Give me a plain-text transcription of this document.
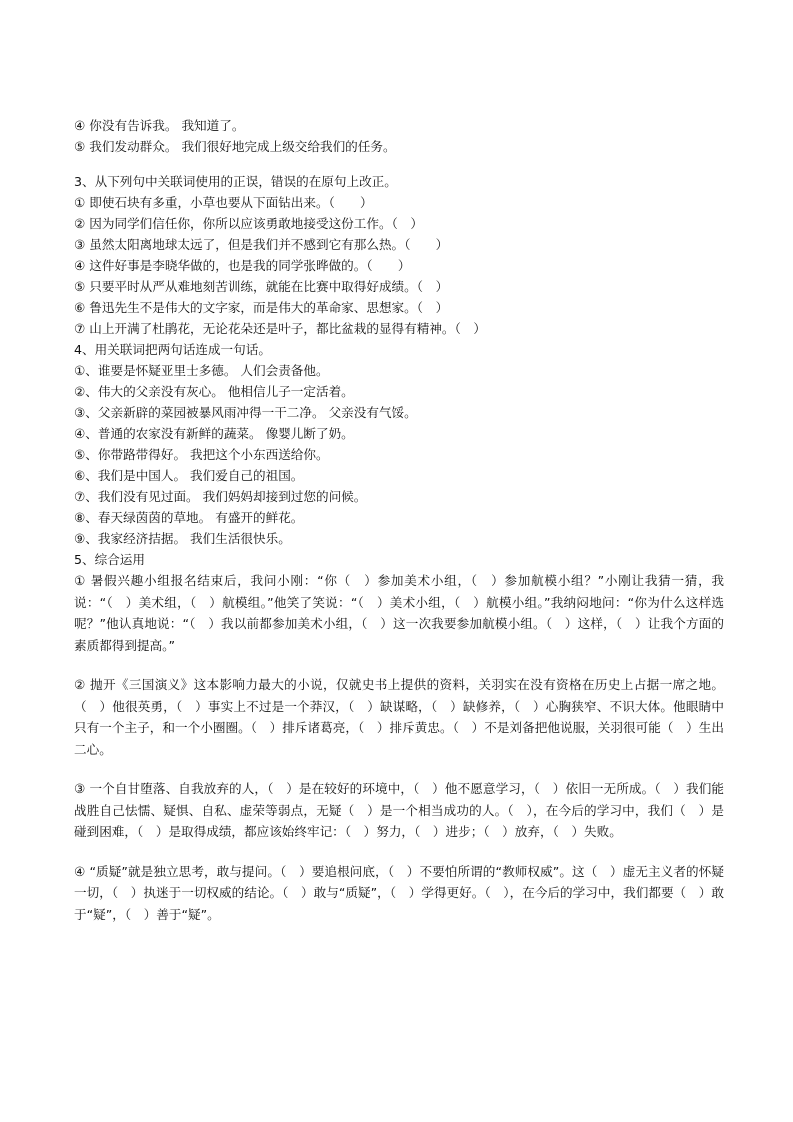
④ 你没有告诉我。 我知道了。
⑤ 我们发动群众。 我们很好地完成上级交给我们的任务。
3、从下列句中关联词使用的正误，错误的在原句上改正。
① 即使石块有多重，小草也要从下面钻出来。（　　）
② 因为同学们信任你，你所以应该勇敢地接受这份工作。（　）
③ 虽然太阳离地球太远了，但是我们并不感到它有那么热。（　　）
④ 这件好事是李晓华做的，也是我的同学张晔做的。（　　）
⑤ 只要平时从严从难地刻苦训练，就能在比赛中取得好成绩。（　）
⑥ 鲁迅先生不是伟大的文字家，而是伟大的革命家、思想家。（　）
⑦ 山上开满了杜鹃花，无论花朵还是叶子，都比盆栽的显得有精神。（　）
4、用关联词把两句话连成一句话。
①、谁要是怀疑亚里士多德。 人们会责备他。
②、伟大的父亲没有灰心。 他相信儿子一定活着。
③、父亲新辟的菜园被暴风雨冲得一干二净。 父亲没有气馁。
④、普通的农家没有新鲜的蔬菜。 像婴儿断了奶。
⑤、你带路带得好。 我把这个小东西送给你。
⑥、我们是中国人。 我们爱自己的祖国。
⑦、我们没有见过面。 我们妈妈却接到过您的问候。
⑧、春天绿茵茵的草地。 有盛开的鲜花。
⑨、我家经济拮据。 我们生活很快乐。
5、综合运用

① 暑假兴趣小组报名结束后，我问小刚：“你（　）参加美术小组，（　）参加航模小组？”小刚让我猜一猜，我说：“（　）美术组，（　）航模组。”他笑了笑说：“（　）美术小组，（　）航模小组。”我纳闷地问：“你为什么这样选呢？”他认真地说：“（　）我以前都参加美术小组，（　）这一次我要参加航模小组。（　）这样，（　）让我个方面的素质都得到提高。”

② 抛开《三国演义》这本影响力最大的小说，仅就史书上提供的资料，关羽实在没有资格在历史上占据一席之地。（　）他很英勇，（　）事实上不过是一个莽汉，（　）缺谋略，（　）缺修养，（　）心胸狭窄、不识大体。他眼睛中只有一个主子，和一个小圈圈。（　）排斥诸葛亮，（　）排斥黄忠。（　）不是刘备把他说服，关羽很可能（　）生出二心。

③ 一个自甘堕落、自我放弃的人，（　）是在较好的环境中，（　）他不愿意学习，（　）依旧一无所成。（　）我们能战胜自己怯懦、疑惧、自私、虚荣等弱点，无疑（　）是一个相当成功的人。（　），在今后的学习中，我们（　）是碰到困难，（　）是取得成绩，都应该始终牢记：（　）努力，（　）进步；（　）放弃，（　）失败。

④ “质疑”就是独立思考，敢与提问。（　）要追根问底，（　）不要怕所谓的“教师权威”。这（　）虚无主义者的怀疑一切，（　）执迷于一切权威的结论。（　）敢与“质疑”，（　）学得更好。（　），在今后的学习中，我们都要（　）敢于“疑”，（　）善于“疑”。
